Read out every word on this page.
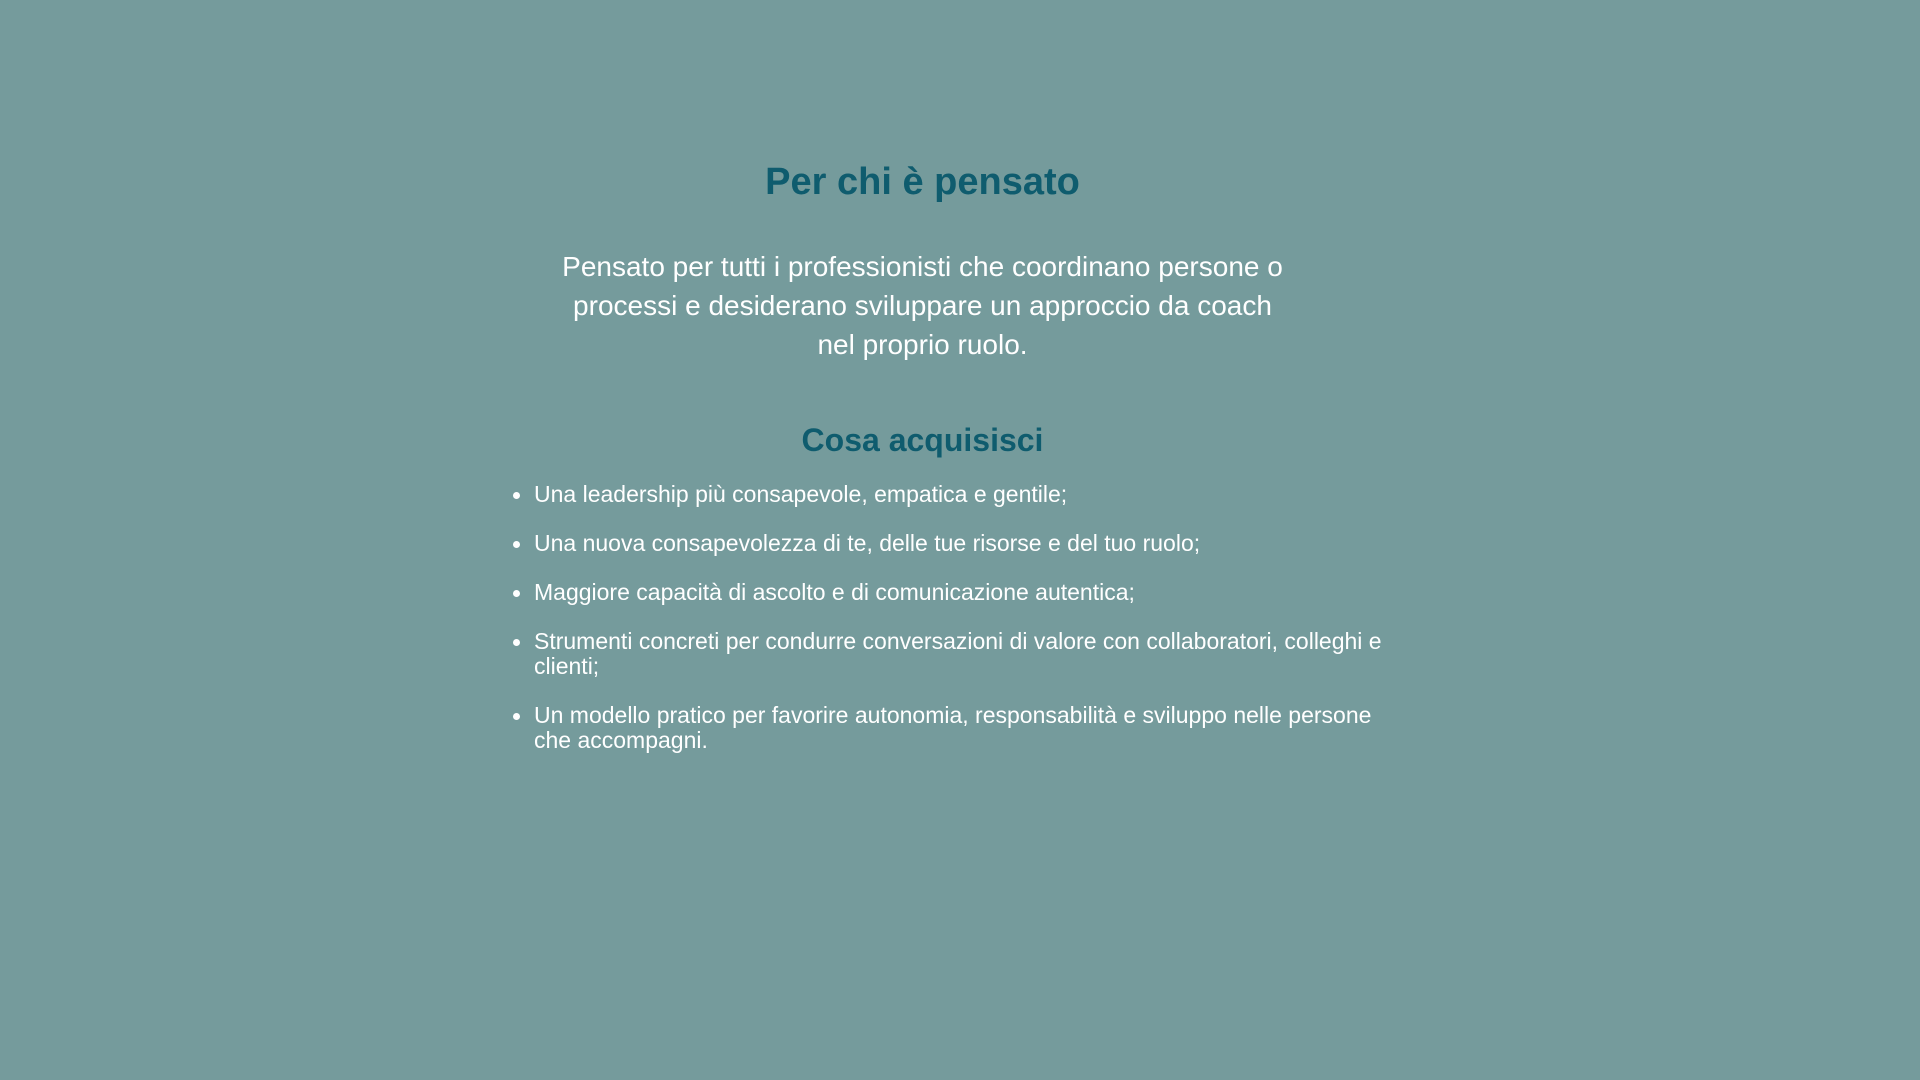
Per chi è pensato

Pensato per tutti i professionisti che coordinano persone o processi e desiderano sviluppare un approccio da coach nel proprio ruolo.

Cosa acquisisci
Una leadership più consapevole, empatica e gentile;
Una nuova consapevolezza di te, delle tue risorse e del tuo ruolo;
Maggiore capacità di ascolto e di comunicazione autentica;
Strumenti concreti per condurre conversazioni di valore con collaboratori, colleghi e clienti;
Un modello pratico per favorire autonomia, responsabilità e sviluppo nelle persone che accompagni.
